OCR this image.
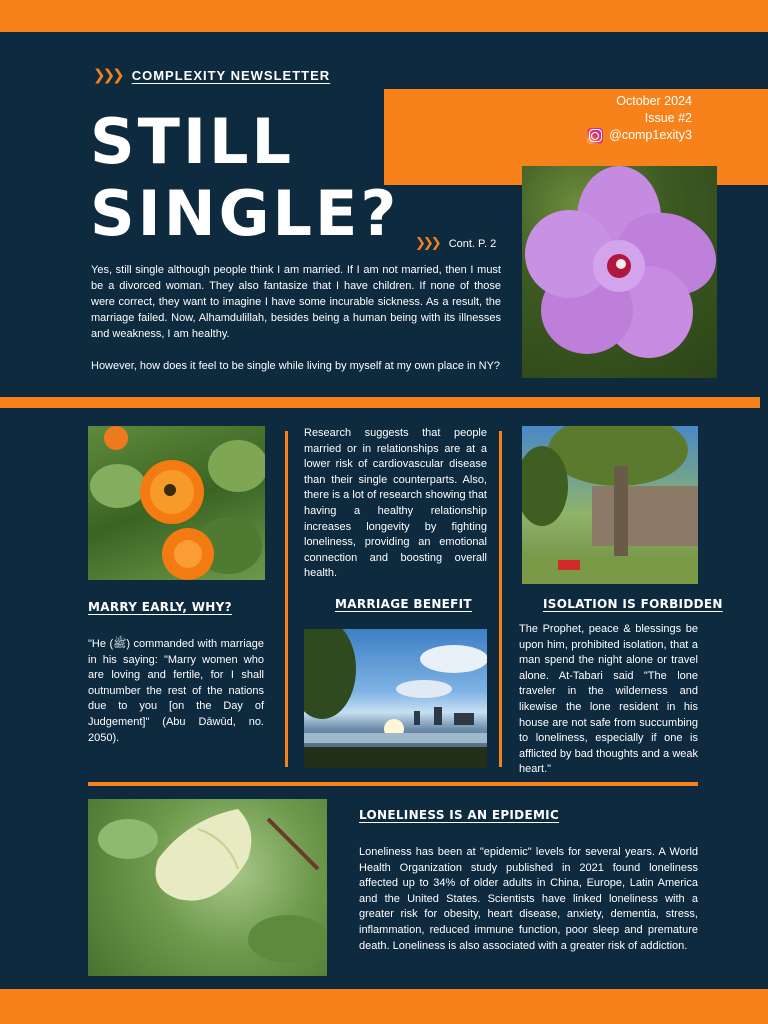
❯❯❯ COMPLEXITY NEWSLETTER
October 2024
Issue #2
@comp1exity3
STILL
SINGLE? ❯❯❯ Cont. P. 2

Yes, still single although people think I am married. If I am not married, then I must be a divorced woman. They also fantasize that I have children. If none of those were correct, they want to imagine I have some incurable sickness. As a result, the marriage failed. Now, Alhamdulillah, besides being a human being with its illnesses and weakness, I am healthy.

However, how does it feel to be single while living by myself at my own place in NY?

MARRY EARLY, WHY?
"He (ﷺ) commanded with marriage in his saying: "Marry women who are loving and fertile, for I shall outnumber the rest of the nations due to you [on the Day of Judgement]" (Abu Dāwūd, no. 2050).
Research suggests that people married or in relationships are at a lower risk of cardiovascular disease than their single counterparts. Also, there is a lot of research showing that having a healthy relationship increases longevity by fighting loneliness, providing an emotional connection and boosting overall health.
MARRIAGE BENEFIT	ISOLATION IS FORBIDDEN
The Prophet, peace & blessings be upon him, prohibited isolation, that a man spend the night alone or travel alone. At-Tabari said "The lone traveler in the wilderness and likewise the lone resident in his house are not safe from succumbing to loneliness, especially if one is afflicted by bad thoughts and a weak heart."
LONELINESS IS AN EPIDEMIC
Loneliness has been at "epidemic" levels for several years. A World Health Organization study published in 2021 found loneliness affected up to 34% of older adults in China, Europe, Latin America and the United States. Scientists have linked loneliness with a greater risk for obesity, heart disease, anxiety, dementia, stress, inflammation, reduced immune function, poor sleep and premature death. Loneliness is also associated with a greater risk of addiction.
